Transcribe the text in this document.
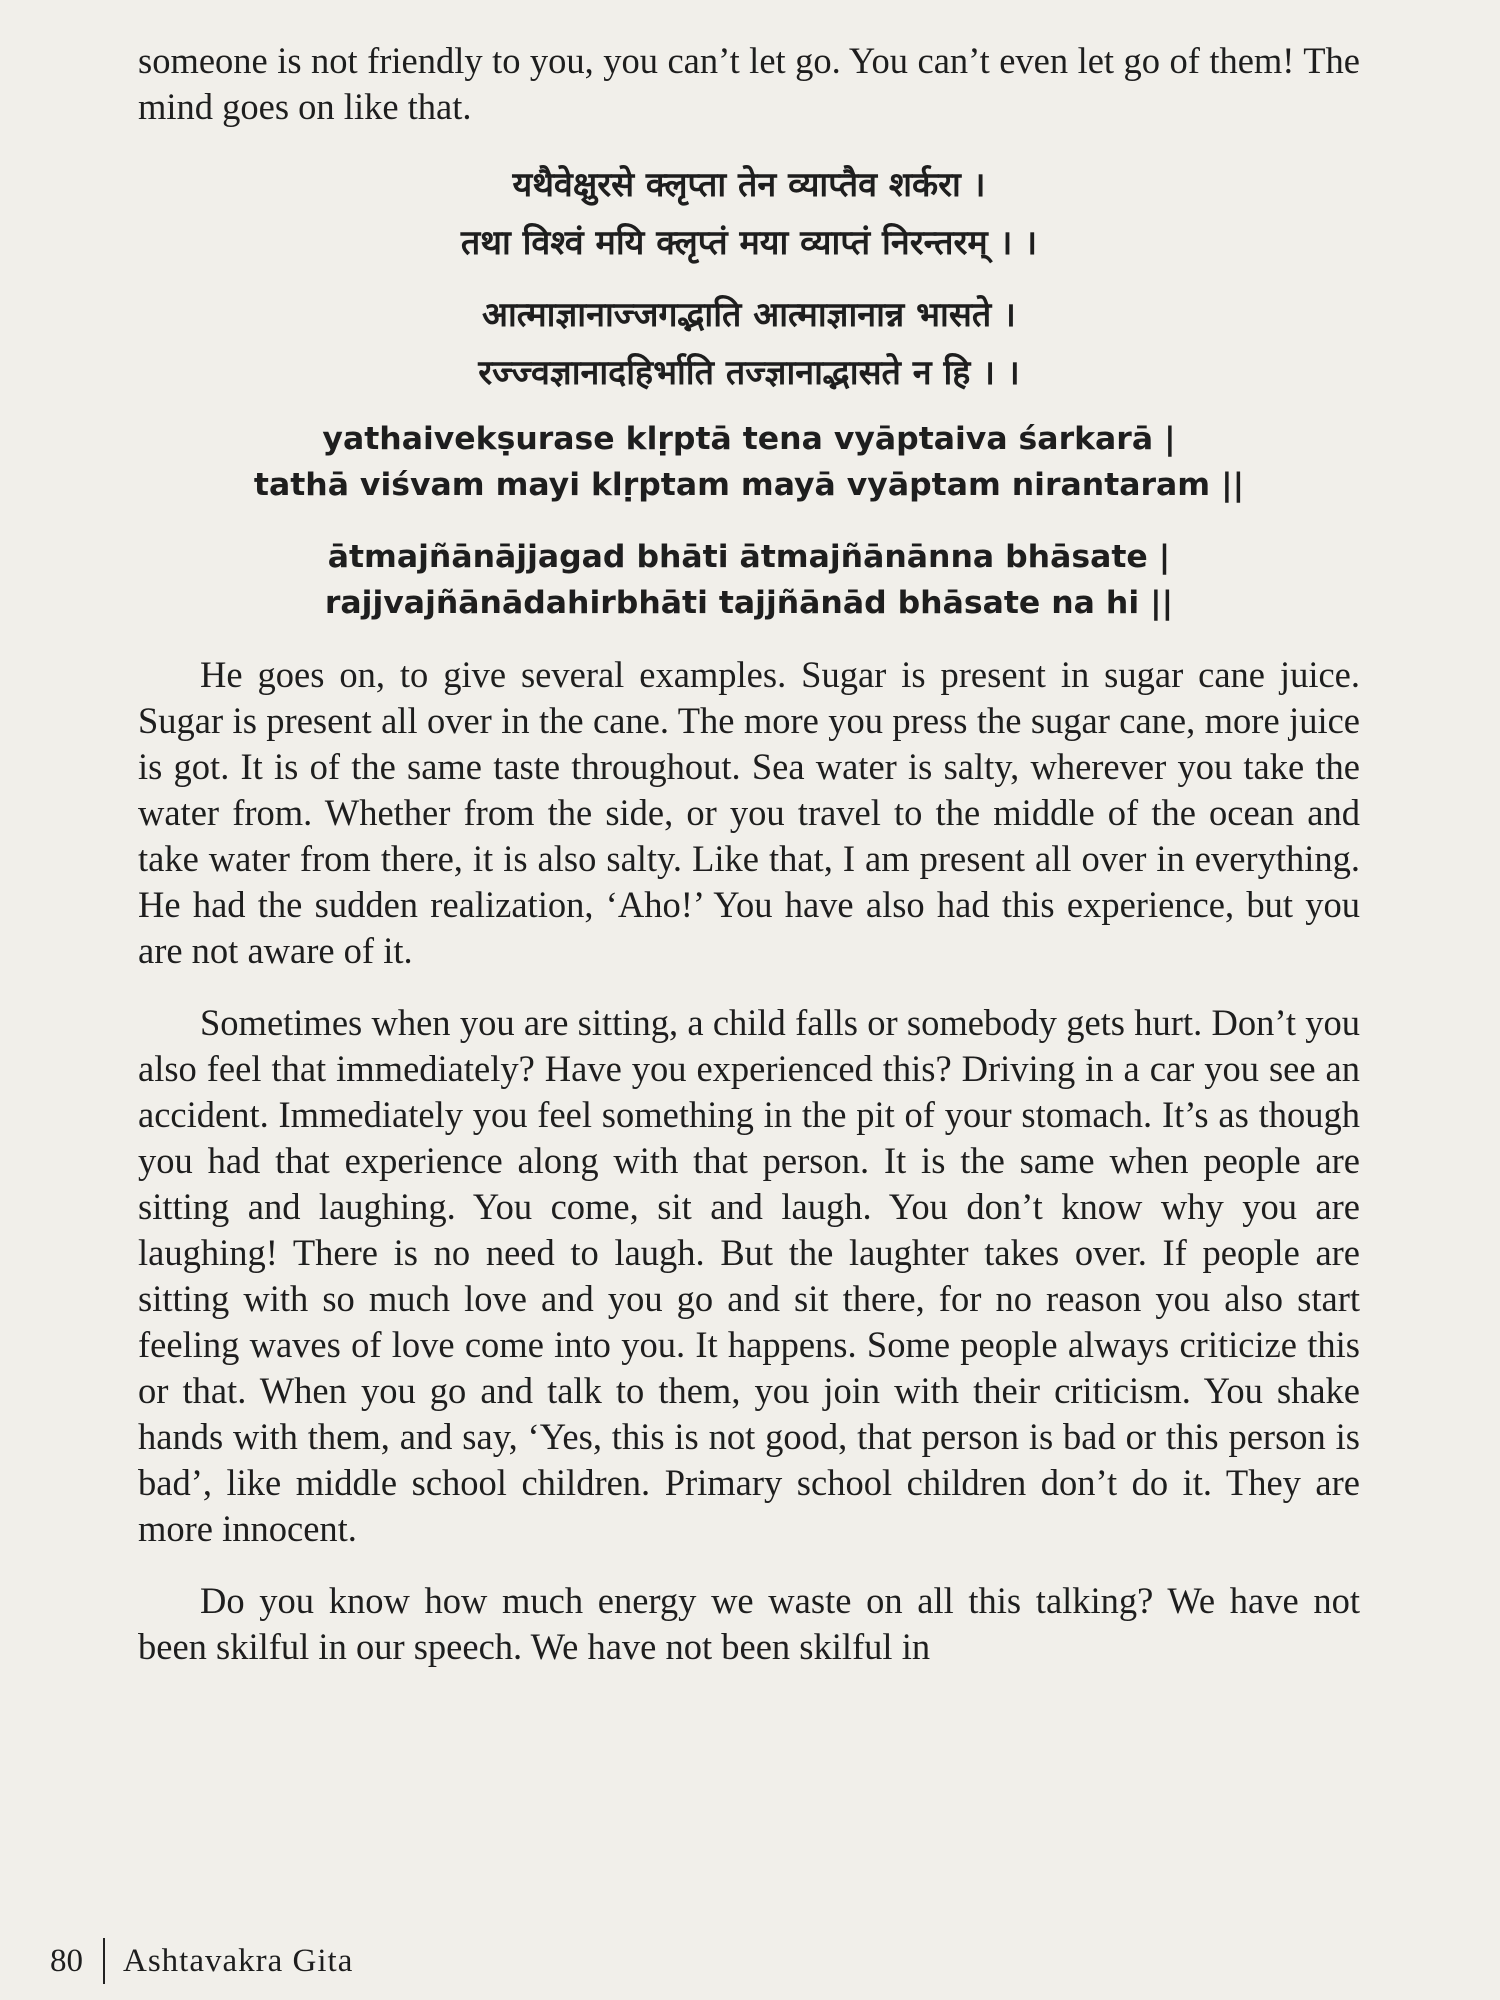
someone is not friendly to you, you can’t let go. You can’t even let go of them! The mind goes on like that.

यथैवेक्षुरसे क्लृप्ता तेन व्याप्तैव शर्करा ।
तथा विश्वं मयि क्लृप्तं मया व्याप्तं निरन्तरम् । ।
आत्माज्ञानाज्जगद्भाति आत्माज्ञानान्न भासते ।
रज्ज्वज्ञानादहिर्भाति तज्ज्ञानाद्भासते न हि । ।
yathaivekṣurase klṛptā tena vyāptaiva śarkarā |
tathā viśvam mayi klṛptam mayā vyāptam nirantaram ||
ātmajñānājjagad bhāti ātmajñānānna bhāsate |
rajjvajñānādahirbhāti tajjñānād bhāsate na hi ||

He goes on, to give several examples. Sugar is present in sugar cane juice. Sugar is present all over in the cane. The more you press the sugar cane, more juice is got. It is of the same taste throughout. Sea water is salty, wherever you take the water from. Whether from the side, or you travel to the middle of the ocean and take water from there, it is also salty. Like that, I am present all over in everything. He had the sudden realization, ‘Aho!’ You have also had this experience, but you are not aware of it.

Sometimes when you are sitting, a child falls or somebody gets hurt. Don’t you also feel that immediately? Have you experienced this? Driving in a car you see an accident. Immediately you feel something in the pit of your stomach. It’s as though you had that experience along with that person. It is the same when people are sitting and laughing. You come, sit and laugh. You don’t know why you are laughing! There is no need to laugh. But the laughter takes over. If people are sitting with so much love and you go and sit there, for no reason you also start feeling waves of love come into you. It happens. Some people always criticize this or that. When you go and talk to them, you join with their criticism. You shake hands with them, and say, ‘Yes, this is not good, that person is bad or this person is bad’, like middle school children. Primary school children don’t do it. They are more innocent.

Do you know how much energy we waste on all this talking? We have not been skilful in our speech. We have not been skilful in

80 Ashtavakra Gita
